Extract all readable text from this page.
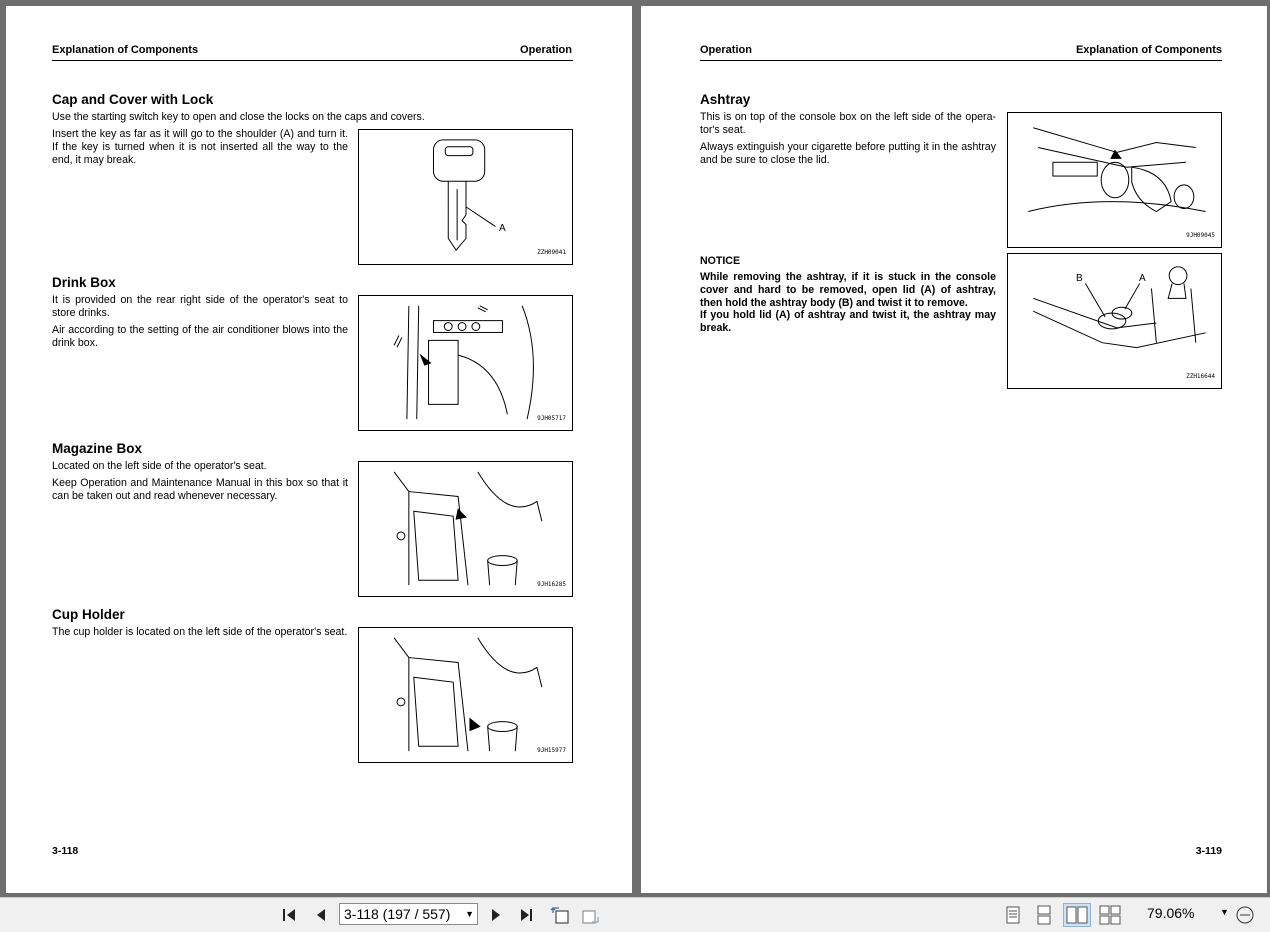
Explanation of Components	Operation
Cap and Cover with Lock

Use the starting switch key to open and close the locks on the caps and covers.

Insert the key as far as it will go to the shoulder (A) and turn it. If the key is turned when it is not inserted all the way to the end, it may break.

A
ZZH09041
Drink Box

It is provided on the rear right side of the operator's seat to store drinks.

Air according to the setting of the air conditioner blows into the drink box.

9JH05717
Magazine Box

Located on the left side of the operator's seat.

Keep Operation and Maintenance Manual in this box so that it can be taken out and read whenever necessary.

9JH16285
Cup Holder

The cup holder is located on the left side of the operator's seat.

9JH15977
3-118
Operation	Explanation of Components
Ashtray

This is on top of the console box on the left side of the opera- tor's seat.

Always extinguish your cigarette before putting it in the ashtray and be sure to close the lid.

9JH09045
NOTICE

While removing the ashtray, if it is stuck in the console cover and hard to be removed, open lid (A) of ashtray, then hold the ashtray body (B) and twist it to remove.

If you hold lid (A) of ashtray and twist it, the ashtray may break.

B	A
ZZH16644
3-119
3-118 (197 / 557) ▼	79.06%	▼
